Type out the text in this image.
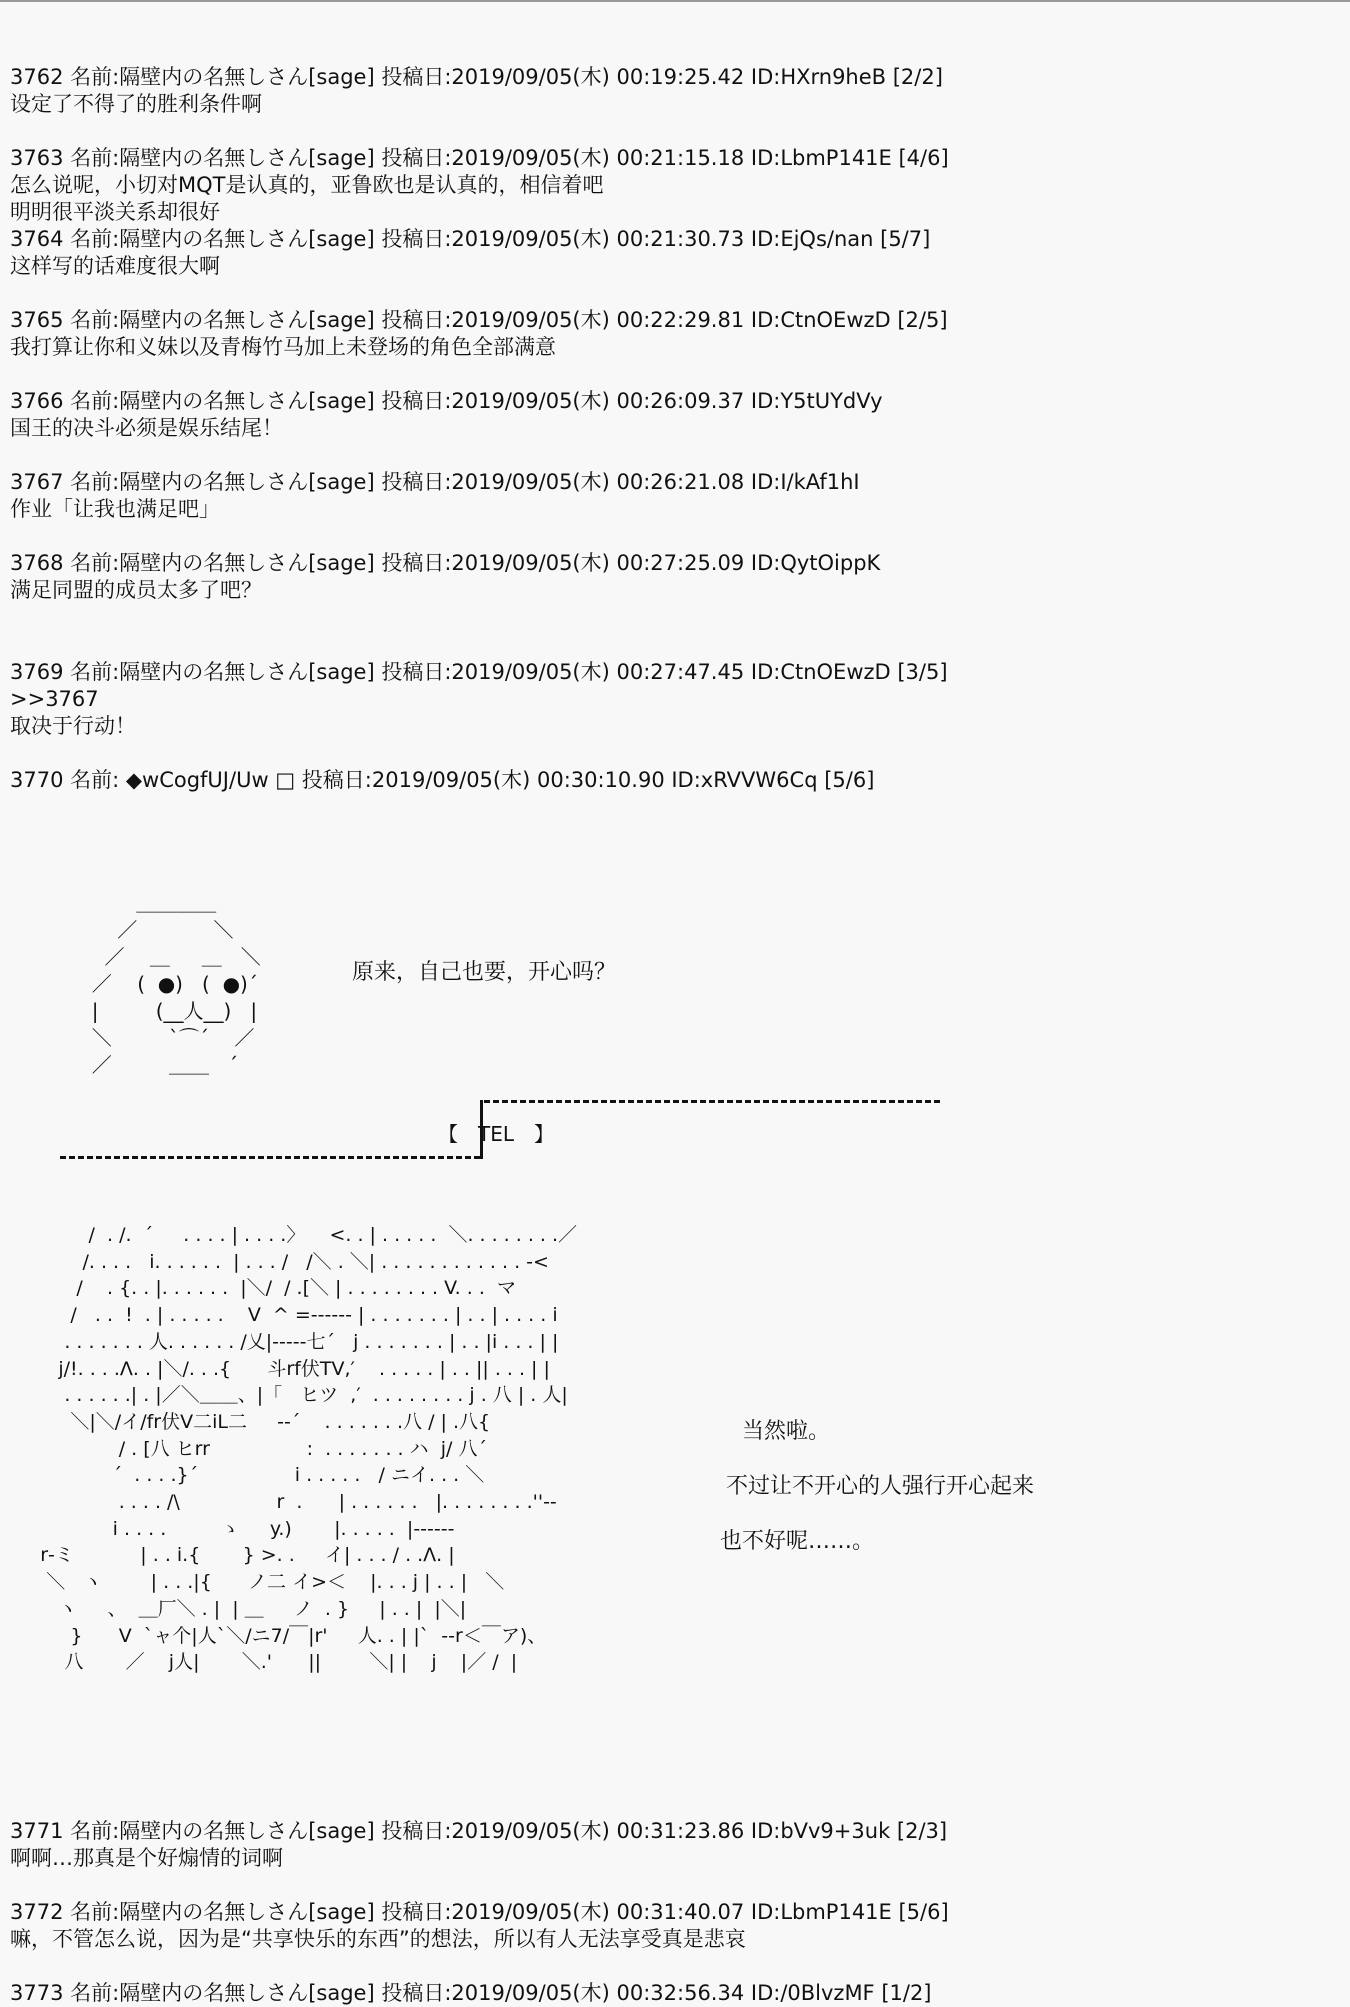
3762 名前:隔壁内の名無しさん[sage] 投稿日:2019/09/05(木) 00:19:25.42 ID:HXrn9heB [2/2]
设定了不得了的胜利条件啊
3763 名前:隔壁内の名無しさん[sage] 投稿日:2019/09/05(木) 00:21:15.18 ID:LbmP141E [4/6]
怎么说呢，小切对MQT是认真的，亚鲁欧也是认真的，相信着吧
明明很平淡关系却很好
3764 名前:隔壁内の名無しさん[sage] 投稿日:2019/09/05(木) 00:21:30.73 ID:EjQs/nan [5/7]
这样写的话难度很大啊
3765 名前:隔壁内の名無しさん[sage] 投稿日:2019/09/05(木) 00:22:29.81 ID:CtnOEwzD [2/5]
我打算让你和义妹以及青梅竹马加上未登场的角色全部满意
3766 名前:隔壁内の名無しさん[sage] 投稿日:2019/09/05(木) 00:26:09.37 ID:Y5tUYdVy
国王的决斗必须是娱乐结尾！
3767 名前:隔壁内の名無しさん[sage] 投稿日:2019/09/05(木) 00:26:21.08 ID:I/kAf1hI
作业「让我也满足吧」
3768 名前:隔壁内の名無しさん[sage] 投稿日:2019/09/05(木) 00:27:25.09 ID:QytOippK
满足同盟的成员太多了吧？
3769 名前:隔壁内の名無しさん[sage] 投稿日:2019/09/05(木) 00:27:47.45 ID:CtnOEwzD [3/5]
>>3767
取决于行动！
3770 名前: ◆wCogfUJ/Uw □ 投稿日:2019/09/05(木) 00:30:10.90 ID:xRVVW6Cq [5/6]
＿＿＿＿
／            ＼
／    ＿     ＿   ＼
／    (  ●)   (  ●)´
|         (__人__)   |
＼         `⌒´    ／
／         ＿＿   ´
原来，自己也要，开心吗？
【　TEL　】
/  . /.  ´     . . . . | . . . .〉    <. . | . . . . .  ＼. . . . . . . .／
/. . . .   i. . . . . .  | . . . /   /＼ . ＼| . . . . . . . . . . . . -<
/    . {. . |. . . . . .  |＼/  / .[＼ | . . . . . . . . V. . .  マ
/   . .  !  . | . . . . .    V  ^ =‐‐‐‐‐‐ | . . . . . . . | . . | . . . . i
. . . . . . . 人. . . . . . /乂|‐‐‐‐‐七´   j . . . . . . . | . . |i . . . | |
j/!. . . .Λ. . |＼/. . .{      斗rf伏TV,′    . . . . . | . . || . . . | |
. . . . . .| . |／＼＿＿、|「   ヒツ  ,′  . . . . . . . . j . 八 | . 人|
＼|＼/イ/fr伏V二iL二     ‐‐´    . . . . . . .八 / | .八{
/ . [八 ヒrr                :  . . . . . . . ハ  j/ 八´
´  . . . .}´                i . . . . .   / ニイ. . . ＼
. . . . /\                r  .      | . . . . . .   |. . . . . . . .''‐-
i . . . .         ゝ     y.)       |. . . . .  |‐‐‐‐‐‐
r‐ミ           | . . i.{       } >. .     イ| . . . / . .Λ. |
＼   ヽ        | . . .|{      ノ二 イ>＜    |. . . j | . . |   ＼
ヽ     、  ＿厂＼ . |  | ＿     ノ  . }     | . . |  |＼|
}      V  `ャ个|人`＼/ニ7/￣|r'     人. . | |`  ‐‐r＜￣ア)、
八       ／    j人|       ＼.'      ||        ＼| |    j    |／ /  |
当然啦。
不过让不开心的人强行开心起来
也不好呢……。
3771 名前:隔壁内の名無しさん[sage] 投稿日:2019/09/05(木) 00:31:23.86 ID:bVv9+3uk [2/3]
啊啊…那真是个好煽情的词啊
3772 名前:隔壁内の名無しさん[sage] 投稿日:2019/09/05(木) 00:31:40.07 ID:LbmP141E [5/6]
嘛，不管怎么说，因为是“共享快乐的东西”的想法，所以有人无法享受真是悲哀
3773 名前:隔壁内の名無しさん[sage] 投稿日:2019/09/05(木) 00:32:56.34 ID:/0BlvzMF [1/2]
